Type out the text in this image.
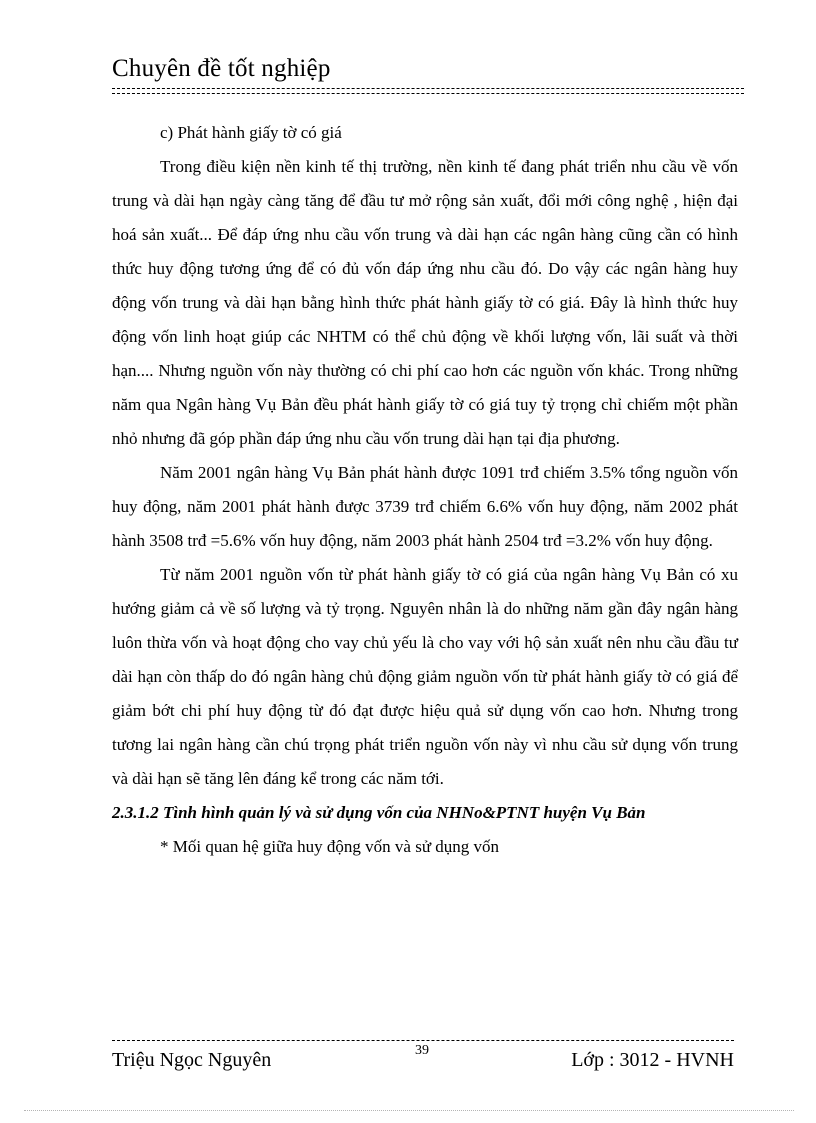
Chuyên đề tốt nghiệp

c) Phát hành giấy tờ có giá

Trong điều kiện nền kinh tế thị trường, nền kinh tế đang phát triển nhu cầu về vốn trung và dài hạn ngày càng tăng để đầu tư mở rộng sản xuất, đổi mới công nghệ , hiện đại hoá sản xuất... Để đáp ứng nhu cầu vốn trung và dài hạn các ngân hàng cũng cần có hình thức huy động tương ứng để có đủ vốn đáp ứng nhu cầu đó. Do vậy các ngân hàng huy động vốn trung và dài hạn bằng hình thức phát hành giấy tờ có giá. Đây là hình thức huy động vốn linh hoạt giúp các NHTM có thể chủ động về khối lượng vốn, lãi suất và thời hạn.... Nhưng nguồn vốn này thường có chi phí cao hơn các nguồn vốn khác. Trong những năm qua Ngân hàng Vụ Bản đều phát hành giấy tờ có giá tuy tỷ trọng chỉ chiếm một phần nhỏ nhưng đã góp phần đáp ứng nhu cầu vốn trung dài hạn tại địa phương.

Năm 2001 ngân hàng Vụ Bản phát hành được 1091 trđ chiếm 3.5% tổng nguồn vốn huy động, năm 2001 phát hành được 3739 trđ chiếm 6.6% vốn huy động, năm 2002 phát hành 3508 trđ =5.6% vốn huy động, năm 2003 phát hành 2504 trđ =3.2% vốn huy động.

Từ năm 2001 nguồn vốn từ phát hành giấy tờ có giá của ngân hàng Vụ Bản có xu hướng giảm cả về số lượng và tỷ trọng. Nguyên nhân là do những năm gần đây ngân hàng luôn thừa vốn và hoạt động cho vay chủ yếu là cho vay với hộ sản xuất nên nhu cầu đầu tư dài hạn còn thấp do đó ngân hàng chủ động giảm nguồn vốn từ phát hành giấy tờ có giá để giảm bớt chi phí huy động từ đó đạt được hiệu quả sử dụng vốn cao hơn. Nhưng trong tương lai ngân hàng cần chú trọng phát triển nguồn vốn này vì nhu cầu sử dụng vốn trung và dài hạn sẽ tăng lên đáng kể trong các năm tới.

2.3.1.2 Tình hình quản lý và sử dụng vốn của NHNo&PTNT huyện Vụ Bản

* Mối quan hệ giữa huy động vốn và sử dụng vốn

Triệu Ngọc Nguyên	39	Lớp : 3012 - HVNH
